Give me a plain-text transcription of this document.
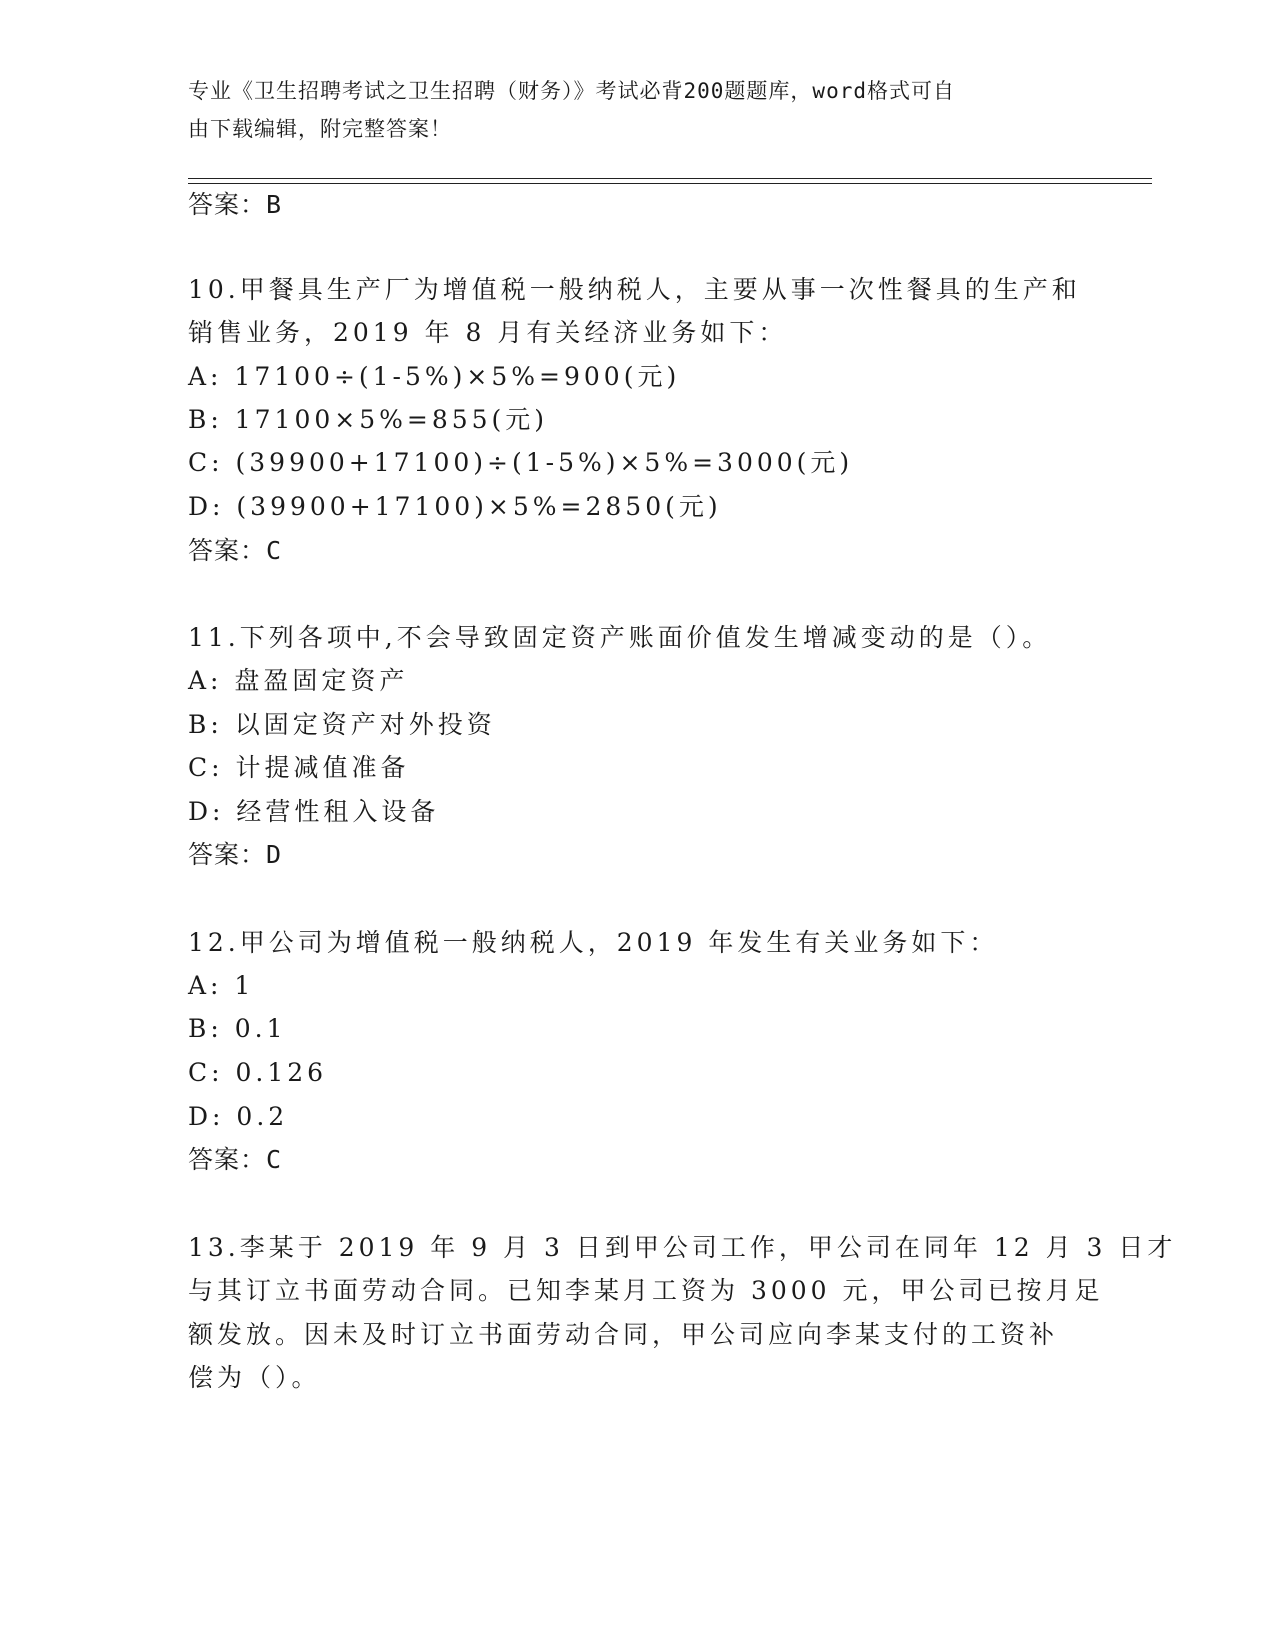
专业《卫生招聘考试之卫生招聘（财务）》考试必背200题题库，word格式可自
由下载编辑，附完整答案！
答案：B
10.甲餐具生产厂为增值税一般纳税人，主要从事一次性餐具的生产和
销售业务，2019 年 8 月有关经济业务如下：
A: 17100÷(1-5%)×5%=900(元)
B: 17100×5%=855(元)
C: (39900+17100)÷(1-5%)×5%=3000(元)
D: (39900+17100)×5%=2850(元)
答案：C
11.下列各项中,不会导致固定资产账面价值发生增减变动的是（）。
A: 盘盈固定资产
B: 以固定资产对外投资
C: 计提减值准备
D: 经营性租入设备
答案：D
12.甲公司为增值税一般纳税人，2019 年发生有关业务如下：
A: 1
B: 0.1
C: 0.126
D: 0.2
答案：C
13.李某于 2019 年 9 月 3 日到甲公司工作，甲公司在同年 12 月 3 日才
与其订立书面劳动合同。已知李某月工资为 3000 元，甲公司已按月足
额发放。因未及时订立书面劳动合同，甲公司应向李某支付的工资补
偿为（）。
